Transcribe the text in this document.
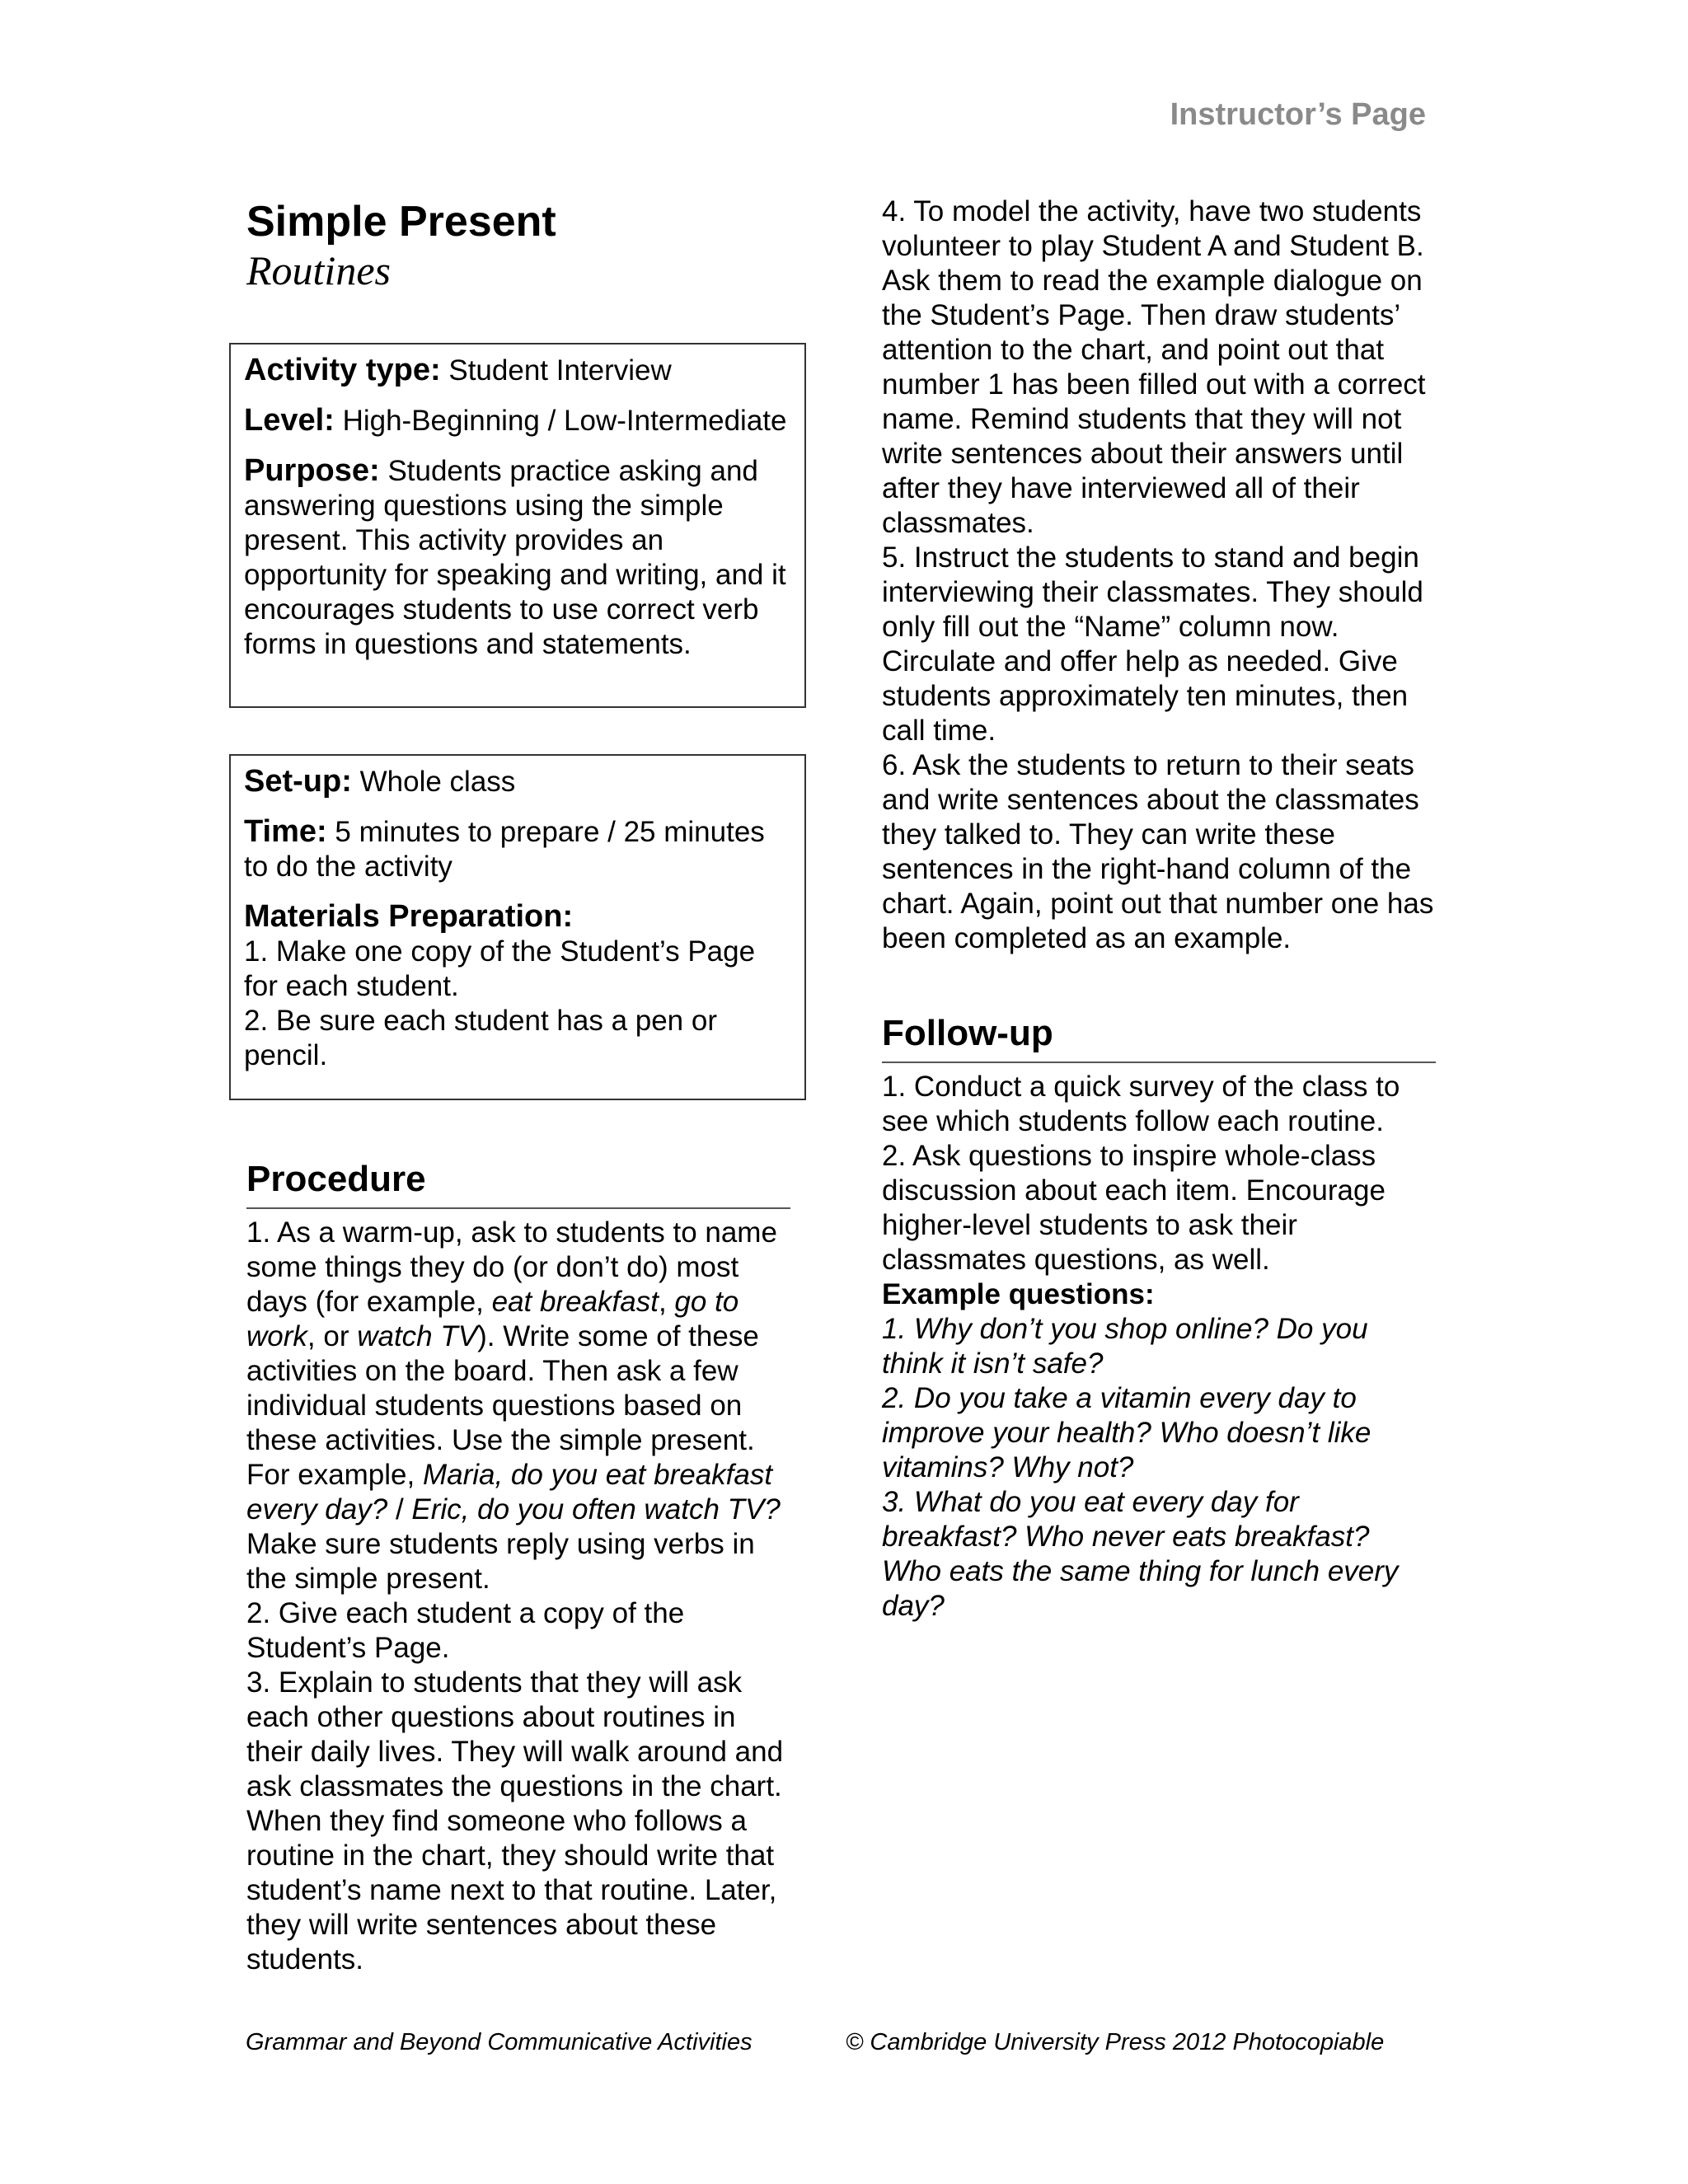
Instructor’s Page
Simple Present
Routines

Activity type: Student Interview

Level: High-Beginning / Low-Intermediate

Purpose: Students practice asking and answering questions using the simple present. This activity provides an opportunity for speaking and writing, and it encourages students to use correct verb forms in questions and statements.

Set-up: Whole class

Time: 5 minutes to prepare / 25 minutes to do the activity

Materials Preparation:
1. Make one copy of the Student’s Page for each student.
2. Be sure each student has a pen or pencil.

Procedure

1. As a warm-up, ask to students to name some things they do (or don’t do) most days (for example, eat breakfast, go to work, or watch TV). Write some of these activities on the board. Then ask a few individual students questions based on these activities. Use the simple present. For example, Maria, do you eat breakfast every day? / Eric, do you often watch TV? Make sure students reply using verbs in the simple present.

2. Give each student a copy of the Student’s Page.

3. Explain to students that they will ask each other questions about routines in their daily lives. They will walk around and ask classmates the questions in the chart. When they find someone who follows a routine in the chart, they should write that student’s name next to that routine. Later, they will write sentences about these students.

4. To model the activity, have two students volunteer to play Student A and Student B. Ask them to read the example dialogue on the Student’s Page. Then draw students’ attention to the chart, and point out that number 1 has been filled out with a correct name. Remind students that they will not write sentences about their answers until after they have interviewed all of their classmates.

5. Instruct the students to stand and begin interviewing their classmates. They should only fill out the “Name” column now. Circulate and offer help as needed. Give students approximately ten minutes, then call time.

6. Ask the students to return to their seats and write sentences about the classmates they talked to. They can write these sentences in the right-hand column of the chart. Again, point out that number one has been completed as an example.

Follow-up

1. Conduct a quick survey of the class to see which students follow each routine.

2. Ask questions to inspire whole-class discussion about each item. Encourage higher-level students to ask their classmates questions, as well.

Example questions:

1. Why don’t you shop online? Do you think it isn’t safe?

2. Do you take a vitamin every day to improve your health? Who doesn’t like vitamins? Why not?

3. What do you eat every day for breakfast? Who never eats breakfast? Who eats the same thing for lunch every day?

Grammar and Beyond Communicative Activities	© Cambridge University Press 2012 Photocopiable
